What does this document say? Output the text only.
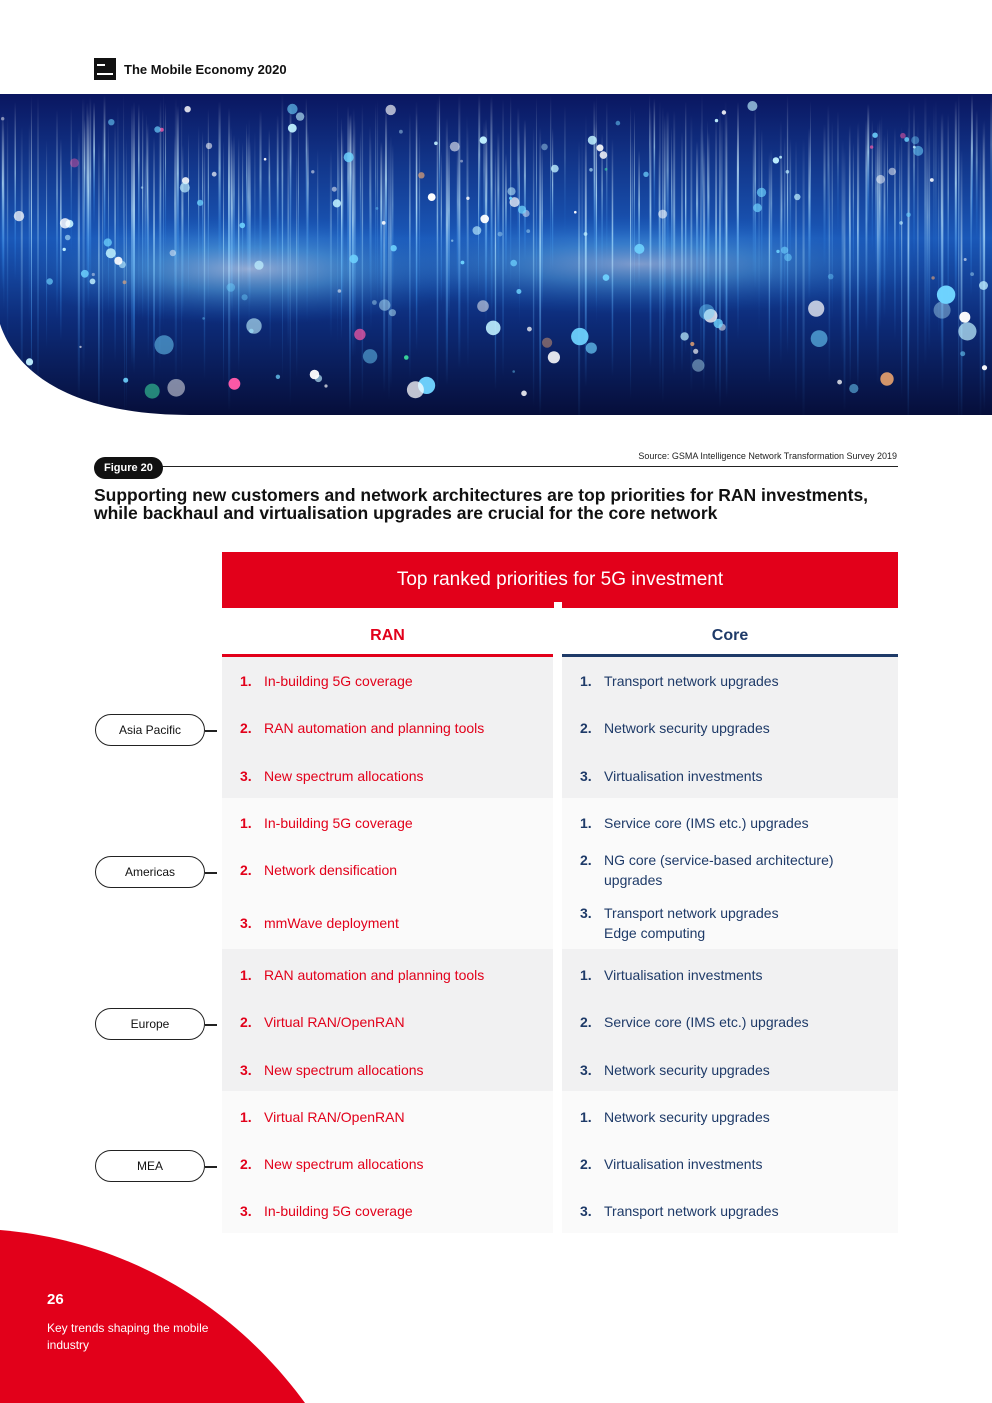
The Mobile Economy 2020
Source: GSMA Intelligence Network Transformation Survey 2019
Figure 20
Supporting new customers and network architectures are top priorities for RAN investments, while backhaul and virtualisation upgrades are crucial for the core network
Top ranked priorities for 5G investment
RAN	Core
1. In-building 5G coverage
2. RAN automation and planning tools
3. New spectrum allocations
1. Transport network upgrades
2. Network security upgrades
3. Virtualisation investments
Asia Pacific
1. In-building 5G coverage
2. Network densification
3. mmWave deployment
1. Service core (IMS etc.) upgrades
2. NG core (service-based architecture)
upgrades
3. Transport network upgrades
Edge computing
Americas
1. RAN automation and planning tools
2. Virtual RAN/OpenRAN
3. New spectrum allocations
1. Virtualisation investments
2. Service core (IMS etc.) upgrades
3. Network security upgrades
Europe
1. Virtual RAN/OpenRAN
2. New spectrum allocations
3. In-building 5G coverage
1. Network security upgrades
2. Virtualisation investments
3. Transport network upgrades
MEA
26
Key trends shaping the mobile industry
